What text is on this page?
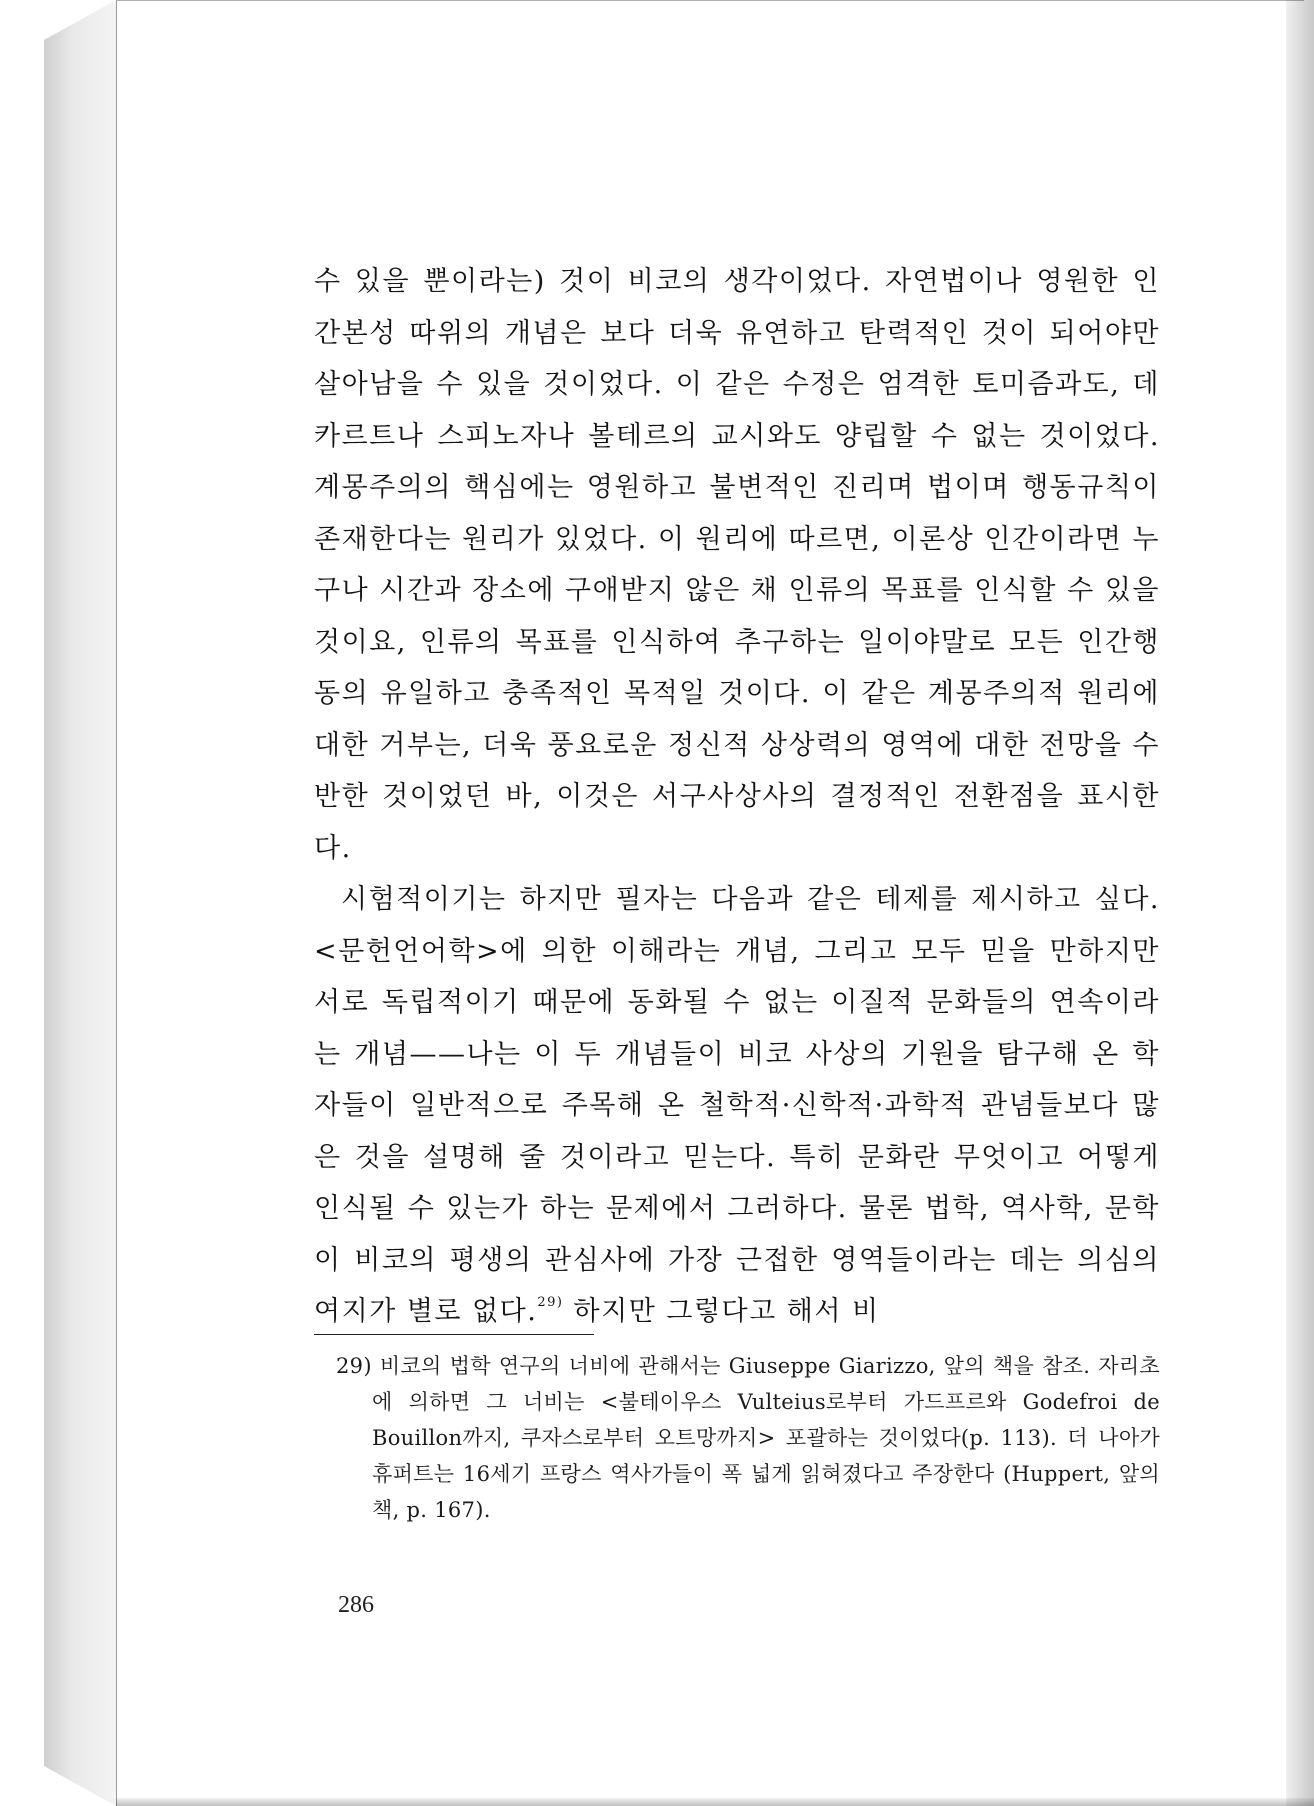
수 있을 뿐이라는) 것이 비코의 생각이었다. 자연법이나 영원한 인간본성 따위의 개념은 보다 더욱 유연하고 탄력적인 것이 되어야만 살아남을 수 있을 것이었다. 이 같은 수정은 엄격한 토미즘과도, 데카르트나 스피노자나 볼테르의 교시와도 양립할 수 없는 것이었다. 계몽주의의 핵심에는 영원하고 불변적인 진리며 법이며 행동규칙이 존재한다는 원리가 있었다. 이 원리에 따르면, 이론상 인간이라면 누구나 시간과 장소에 구애받지 않은 채 인류의 목표를 인식할 수 있을 것이요, 인류의 목표를 인식하여 추구하는 일이야말로 모든 인간행동의 유일하고 충족적인 목적일 것이다. 이 같은 계몽주의적 원리에 대한 거부는, 더욱 풍요로운 정신적 상상력의 영역에 대한 전망을 수반한 것이었던 바, 이것은 서구사상사의 결정적인 전환점을 표시한다.

시험적이기는 하지만 필자는 다음과 같은 테제를 제시하고 싶다. <문헌언어학>에 의한 이해라는 개념, 그리고 모두 믿을 만하지만 서로 독립적이기 때문에 동화될 수 없는 이질적 문화들의 연속이라는 개념——나는 이 두 개념들이 비코 사상의 기원을 탐구해 온 학자들이 일반적으로 주목해 온 철학적·신학적·과학적 관념들보다 많은 것을 설명해 줄 것이라고 믿는다. 특히 문화란 무엇이고 어떻게 인식될 수 있는가 하는 문제에서 그러하다. 물론 법학, 역사학, 문학이 비코의 평생의 관심사에 가장 근접한 영역들이라는 데는 의심의 여지가 별로 없다.$^{29)}$ 하지만 그렇다고 해서 비

29) 비코의 법학 연구의 너비에 관해서는 Giuseppe Giarizzo, 앞의 책을 참조. 자리초에 의하면 그 너비는 <불테이우스 Vulteius로부터 가드프르와 Godefroi de Bouillon까지, 쿠자스로부터 오트망까지> 포괄하는 것이었다(p. 113). 더 나아가 휴퍼트는 16세기 프랑스 역사가들이 폭 넓게 읽혀졌다고 주장한다 (Huppert, 앞의 책, p. 167).
286
